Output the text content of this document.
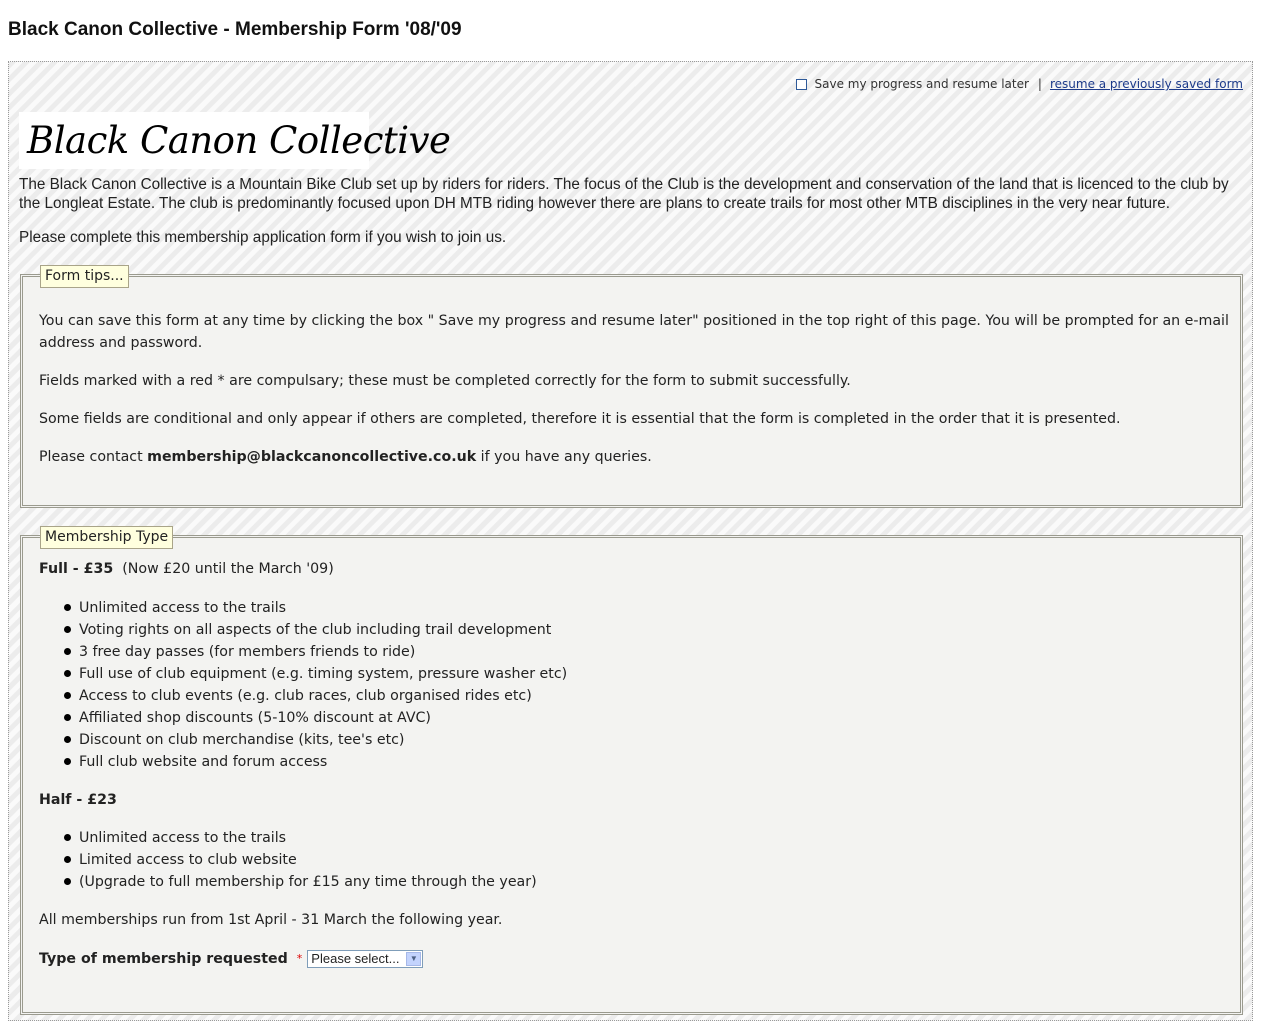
Black Canon Collective - Membership Form '08/'09
Save my progress and resume later | resume a previously saved form
Black Canon Collective

The Black Canon Collective is a Mountain Bike Club set up by riders for riders. The focus of the Club is the development and conservation of the land that is licenced to the club by the Longleat Estate. The club is predominantly focused upon DH MTB riding however there are plans to create trails for most other MTB disciplines in the very near future.

Please complete this membership application form if you wish to join us.

Form tips...

You can save this form at any time by clicking the box " Save my progress and resume later" positioned in the top right of this page. You will be prompted for an e-mail address and password.

Fields marked with a red * are compulsary; these must be completed correctly for the form to submit successfully.

Some fields are conditional and only appear if others are completed, therefore it is essential that the form is completed in the order that it is presented.

Please contact membership@blackcanoncollective.co.uk if you have any queries.

Membership Type
Full - £35 (Now £20 until the March '09)
Unlimited access to the trails
Voting rights on all aspects of the club including trail development
3 free day passes (for members friends to ride)
Full use of club equipment (e.g. timing system, pressure washer etc)
Access to club events (e.g. club races, club organised rides etc)
Affiliated shop discounts (5-10% discount at AVC)
Discount on club merchandise (kits, tee's etc)
Full club website and forum access
Half - £23
Unlimited access to the trails
Limited access to club website
(Upgrade to full membership for £15 any time through the year)
All memberships run from 1st April - 31 March the following year.
Type of membership requested * Please select...	▼
